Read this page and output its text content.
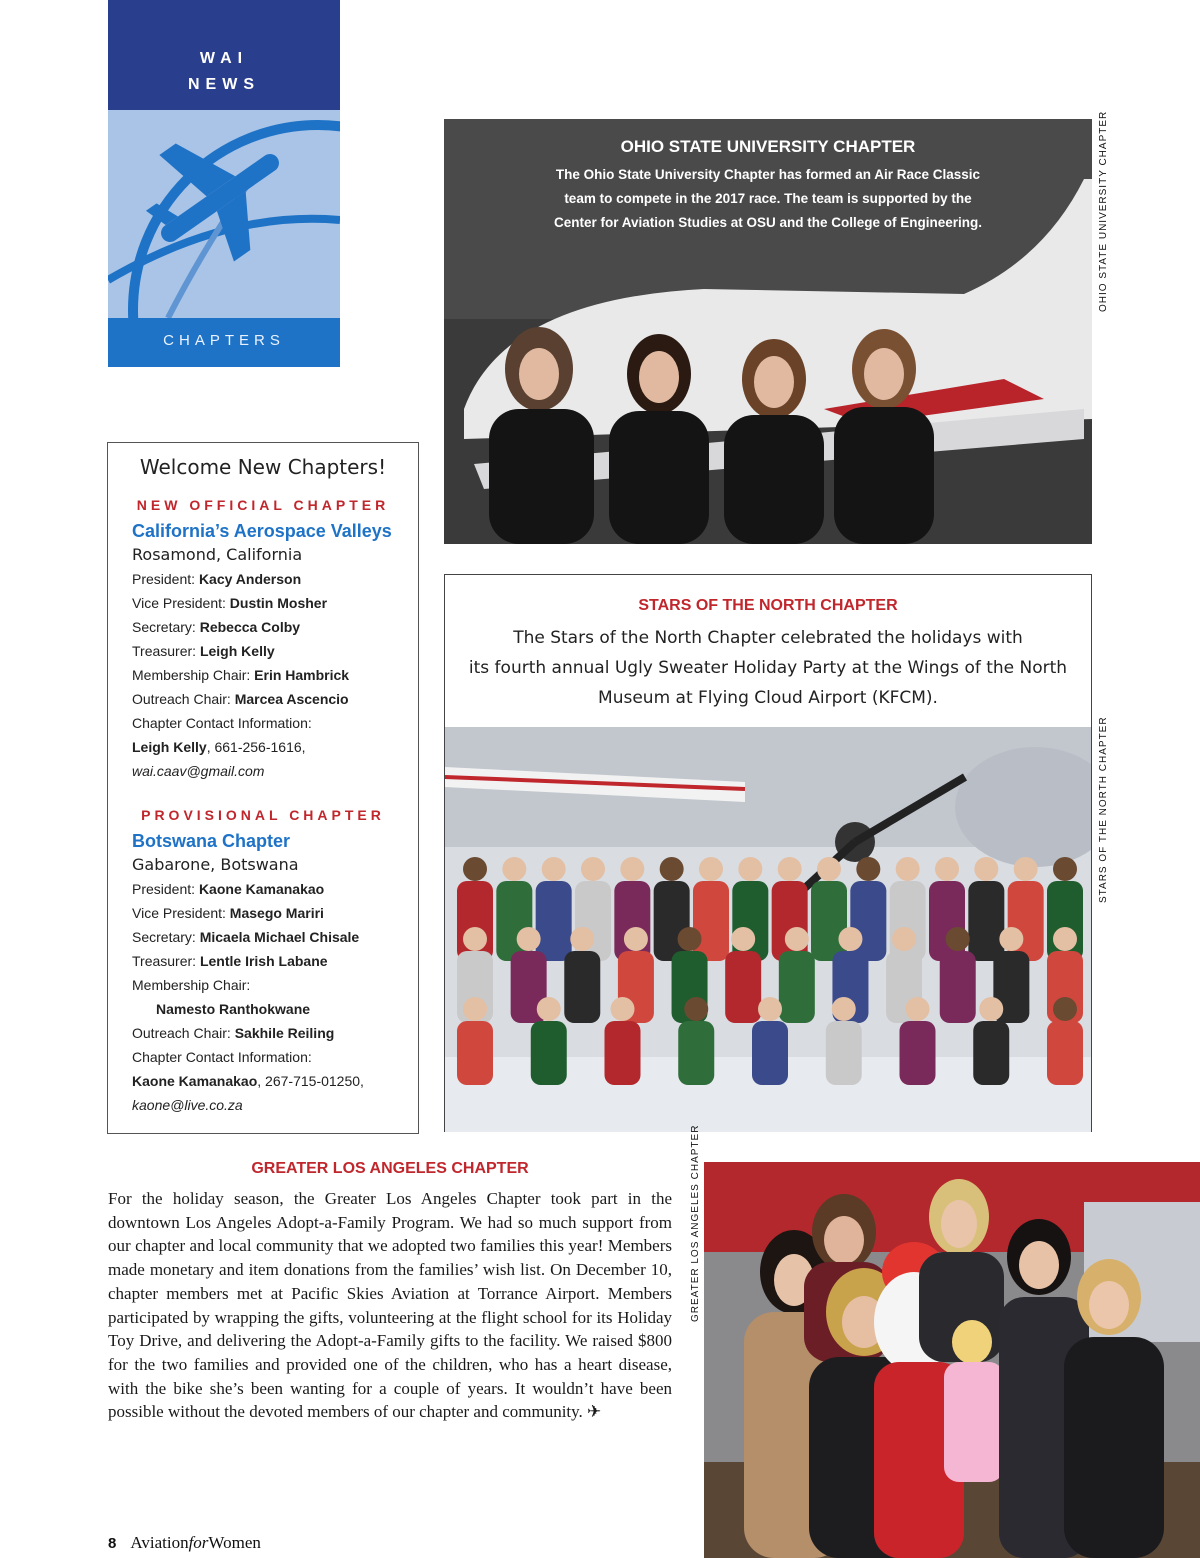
WAI
NEWS
CHAPTERS
OHIO STATE UNIVERSITY CHAPTER
The Ohio State University Chapter has formed an Air Race Classic
team to compete in the 2017 race. The team is supported by the
Center for Aviation Studies at OSU and the College of Engineering.	OHIO STATE UNIVERSITY CHAPTER
STARS OF THE NORTH CHAPTER
The Stars of the North Chapter celebrated the holidays with
its fourth annual Ugly Sweater Holiday Party at the Wings of the North
Museum at Flying Cloud Airport (KFCM).
STARS OF THE NORTH CHAPTER
Welcome New Chapters!
NEW OFFICIAL CHAPTER
California’s Aerospace Valleys
Rosamond, California
President: Kacy Anderson
Vice President: Dustin Mosher
Secretary: Rebecca Colby
Treasurer: Leigh Kelly
Membership Chair: Erin Hambrick
Outreach Chair: Marcea Ascencio
Chapter Contact Information:
Leigh Kelly, 661-256-1616,
wai.caav@gmail.com
PROVISIONAL CHAPTER
Botswana Chapter
Gabarone, Botswana
President: Kaone Kamanakao
Vice President: Masego Mariri
Secretary: Micaela Michael Chisale
Treasurer: Lentle Irish Labane
Membership Chair:
Namesto Ranthokwane
Outreach Chair: Sakhile Reiling
Chapter Contact Information:
Kaone Kamanakao, 267-715-01250,
kaone@live.co.za
GREATER LOS ANGELES CHAPTER
For the holiday season, the Greater Los Angeles Chapter took part in the downtown Los Angeles Adopt-a-Family Program. We had so much support from our chapter and local community that we adopted two families this year! Members made monetary and item donations from the families’ wish list. On December 10, chapter members met at Pacific Skies Aviation at Torrance Airport. Members participated by wrapping the gifts, volunteering at the flight school for its Holiday Toy Drive, and delivering the Adopt-a-Family gifts to the facility. We raised $800 for the two families and provided one of the children, who has a heart disease, with the bike she’s been wanting for a couple of years. It wouldn’t have been possible without the devoted members of our chapter and community. ✈
GREATER LOS ANGELES CHAPTER
8 AviationforWomen
